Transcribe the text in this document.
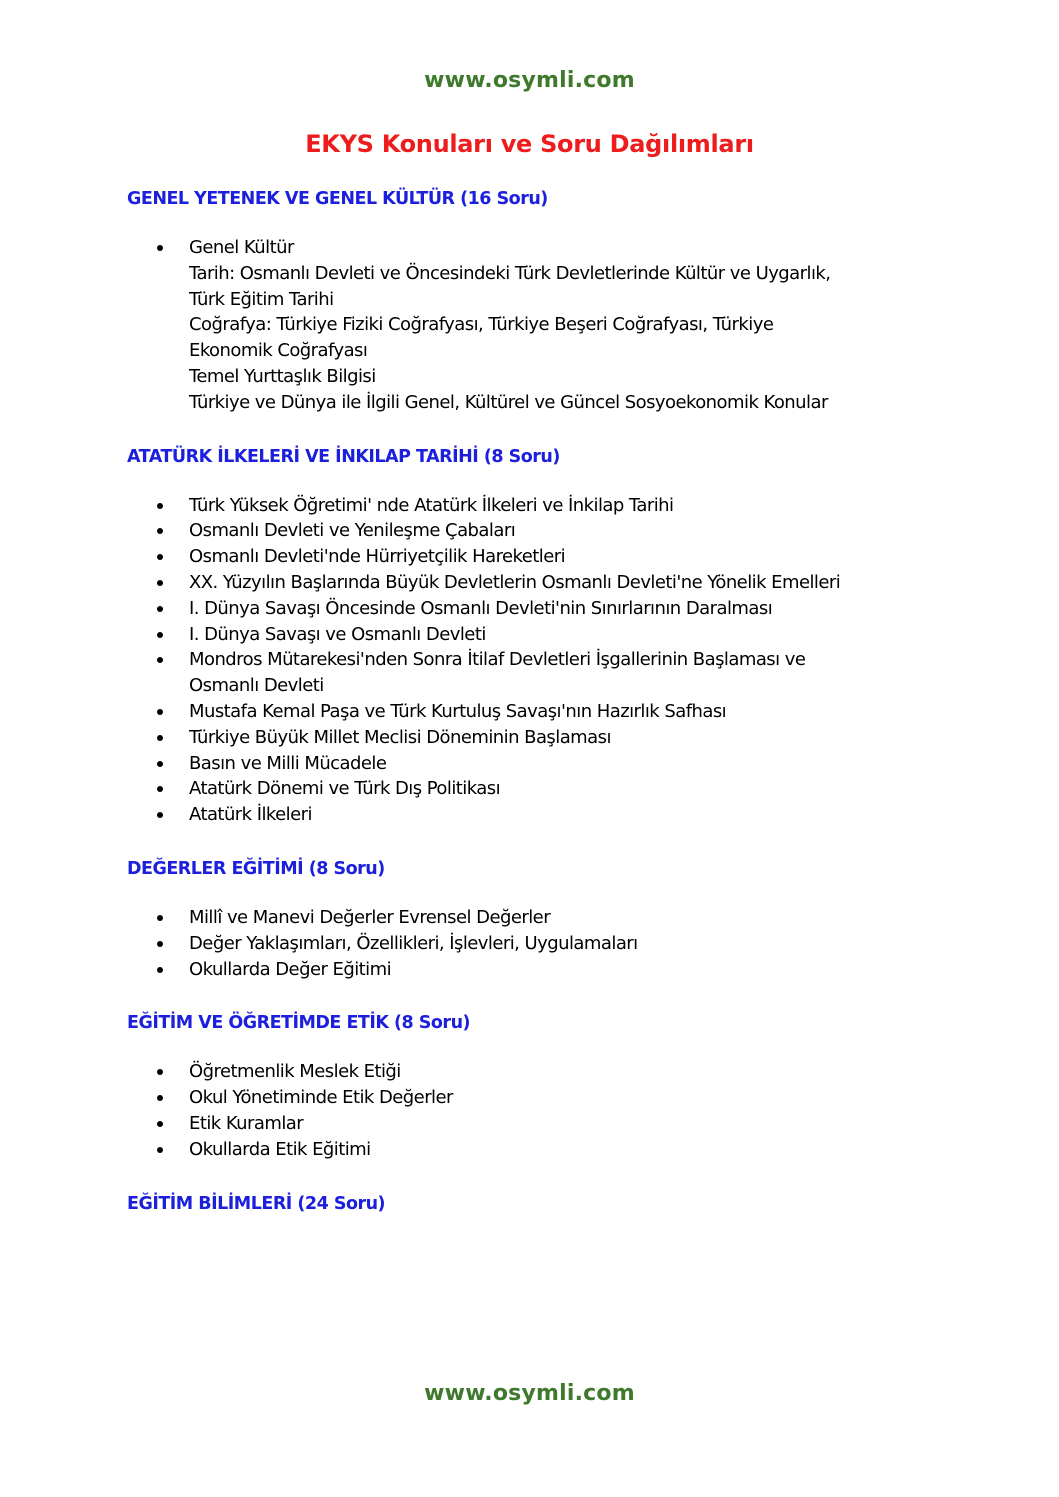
www.osymli.com
EKYS Konuları ve Soru Dağılımları
GENEL YETENEK VE GENEL KÜLTÜR (16 Soru)
Genel Kültür
Tarih: Osmanlı Devleti ve Öncesindeki Türk Devletlerinde Kültür ve Uygarlık,
Türk Eğitim Tarihi
Coğrafya: Türkiye Fiziki Coğrafyası, Türkiye Beşeri Coğrafyası, Türkiye
Ekonomik Coğrafyası
Temel Yurttaşlık Bilgisi
Türkiye ve Dünya ile İlgili Genel, Kültürel ve Güncel Sosyoekonomik Konular
ATATÜRK İLKELERİ VE İNKILAP TARİHİ (8 Soru)
Türk Yüksek Öğretimi' nde Atatürk İlkeleri ve İnkilap Tarihi
Osmanlı Devleti ve Yenileşme Çabaları
Osmanlı Devleti'nde Hürriyetçilik Hareketleri
XX. Yüzyılın Başlarında Büyük Devletlerin Osmanlı Devleti'ne Yönelik Emelleri
I. Dünya Savaşı Öncesinde Osmanlı Devleti'nin Sınırlarının Daralması
I. Dünya Savaşı ve Osmanlı Devleti
Mondros Mütarekesi'nden Sonra İtilaf Devletleri İşgallerinin Başlaması ve
Osmanlı Devleti
Mustafa Kemal Paşa ve Türk Kurtuluş Savaşı'nın Hazırlık Safhası
Türkiye Büyük Millet Meclisi Döneminin Başlaması
Basın ve Milli Mücadele
Atatürk Dönemi ve Türk Dış Politikası
Atatürk İlkeleri
DEĞERLER EĞİTİMİ (8 Soru)
Millî ve Manevi Değerler Evrensel Değerler
Değer Yaklaşımları, Özellikleri, İşlevleri, Uygulamaları
Okullarda Değer Eğitimi
EĞİTİM VE ÖĞRETİMDE ETİK (8 Soru)
Öğretmenlik Meslek Etiği
Okul Yönetiminde Etik Değerler
Etik Kuramlar
Okullarda Etik Eğitimi
EĞİTİM BİLİMLERİ (24 Soru)
www.osymli.com
